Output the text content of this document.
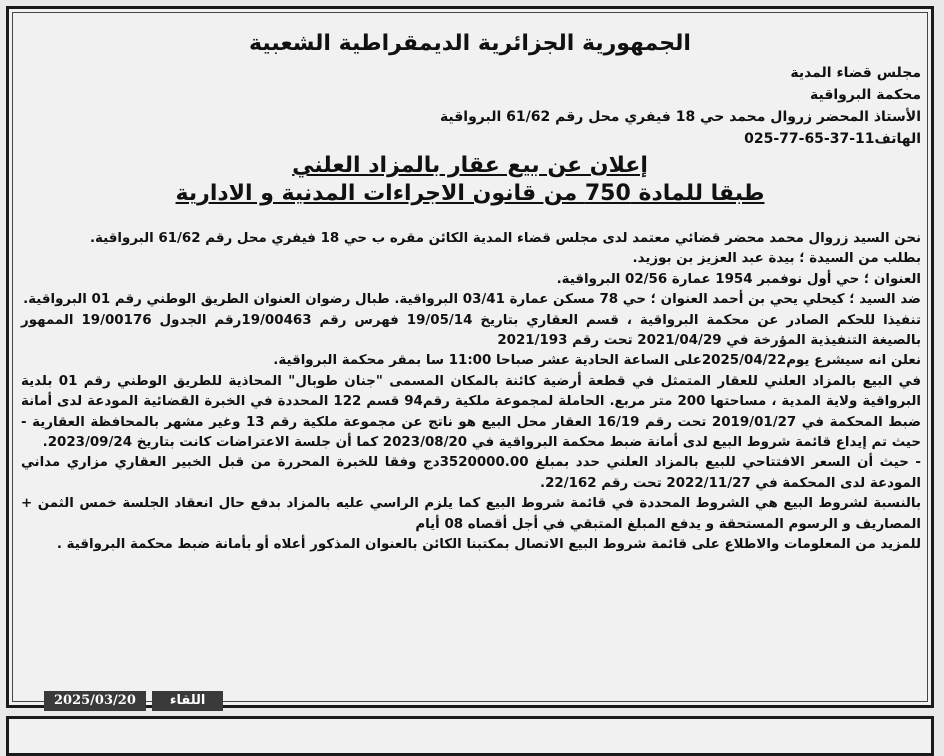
الجمهورية الجزائرية الديمقراطية الشعبية
مجلس قضاء المدية
محكمة البرواقية
الأستاذ المحضر زروال محمد حي 18 فيفري محل رقم 61/62 البرواقية
الهاتف11-37-65-77-025
إعلان عن بيع عقار بالمزاد العلني
طبقا للمادة 750 من قانون الاجراءات المدنية و الادارية

نحن السيد زروال محمد محضر قضائي معتمد لدى مجلس قضاء المدية الكائن مقره ب حي 18 فيفري محل رقم 61/62 البرواقية.

بطلب من السيدة ؛ بيدة عبد العزيز بن بوزيد.

العنوان ؛ حي أول نوفمبر 1954 عمارة 02/56 البرواقية.

ضد السيد ؛ كيحلي يحي بن أحمد العنوان ؛ حي 78 مسكن عمارة 03/41 البرواقية. طبال رضوان العنوان الطريق الوطني رقم 01 البرواقية.

تنفيذا للحكم الصادر عن محكمة البرواقية ، قسم العقاري بتاريخ 19/05/14 فهرس رقم 19/00463رقم الجدول 19/00176 الممهور بالصيغة التنفيذية المؤرخة في 2021/04/29 تحت رقم 2021/193

نعلن انه سيشرع يوم2025/04/22على الساعة الحادية عشر صباحا 11:00 سا بمقر محكمة البرواقية.

في البيع بالمزاد العلني للعقار المتمثل في قطعة أرضية كائنة بالمكان المسمى "جنان طوبال" المحاذية للطريق الوطني رقم 01 بلدية البرواقية ولاية المدية ، مساحتها 200 متر مربع. الحاملة لمجموعة ملكية رقم94 قسم 122 المحددة في الخبرة القضائية المودعة لدى أمانة ضبط المحكمة في 2019/01/27 تحت رقم 16/19 العقار محل البيع هو ناتج عن مجموعة ملكية رقم 13 وغير مشهر بالمحافظة العقارية - حيث تم إيداع قائمة شروط البيع لدى أمانة ضبط محكمة البرواقية في 2023/08/20 كما أن جلسة الاعتراضات كانت بتاريخ 2023/09/24.

- حيث أن السعر الافتتاحي للبيع بالمزاد العلني حدد بمبلغ 3520000.00دج وفقا للخبرة المحررة من قبل الخبير العقاري مزاري مداني المودعة لدى المحكمة في 2022/11/27 تحت رقم 22/162.

بالنسبة لشروط البيع هي الشروط المحددة في قائمة شروط البيع كما يلزم الراسي عليه بالمزاد بدفع حال انعقاد الجلسة خمس الثمن + المصاريف و الرسوم المستحقة و يدفع المبلغ المتبقي في أجل أقصاه 08 أيام

للمزيد من المعلومات والاطلاع على قائمة شروط البيع الاتصال بمكتبنا الكائن بالعنوان المذكور أعلاه أو بأمانة ضبط محكمة البرواقية .

2025/03/20	اللقاء
